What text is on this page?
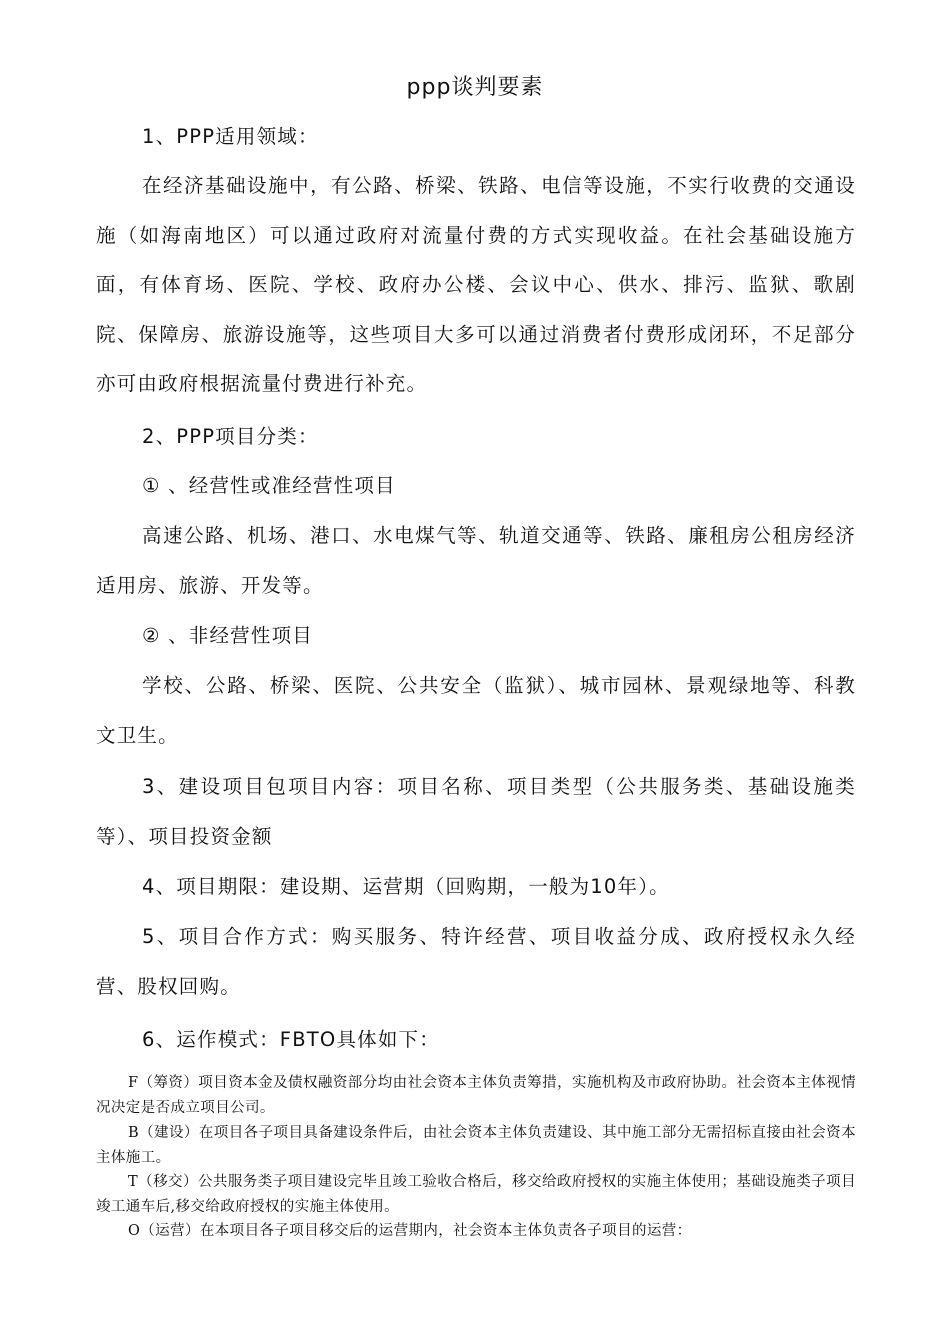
ppp谈判要素

1、PPP适用领域：

在经济基础设施中，有公路、桥梁、铁路、电信等设施，不实行收费的交通设施（如海南地区）可以通过政府对流量付费的方式实现收益。在社会基础设施方面，有体育场、医院、学校、政府办公楼、会议中心、供水、排污、监狱、歌剧院、保障房、旅游设施等，这些项目大多可以通过消费者付费形成闭环，不足部分亦可由政府根据流量付费进行补充。

2、PPP项目分类：

① 、经营性或准经营性项目

高速公路、机场、港口、水电煤气等、轨道交通等、铁路、廉租房公租房经济适用房、旅游、开发等。

② 、非经营性项目

学校、公路、桥梁、医院、公共安全（监狱）、城市园林、景观绿地等、科教文卫生。

3、建设项目包项目内容：项目名称、项目类型（公共服务类、基础设施类等）、项目投资金额

4、项目期限：建设期、运营期（回购期，一般为10年）。

5、项目合作方式：购买服务、特许经营、项目收益分成、政府授权永久经营、股权回购。

6、运作模式：FBTO具体如下：

F（筹资）项目资本金及债权融资部分均由社会资本主体负责筹措，实施机构及市政府协助。社会资本主体视情况决定是否成立项目公司。

B（建设）在项目各子项目具备建设条件后，由社会资本主体负责建设、其中施工部分无需招标直接由社会资本主体施工。

T（移交）公共服务类子项目建设完毕且竣工验收合格后，移交给政府授权的实施主体使用；基础设施类子项目竣工通车后,移交给政府授权的实施主体使用。

O（运营）在本项目各子项目移交后的运营期内，社会资本主体负责各子项目的运营：
